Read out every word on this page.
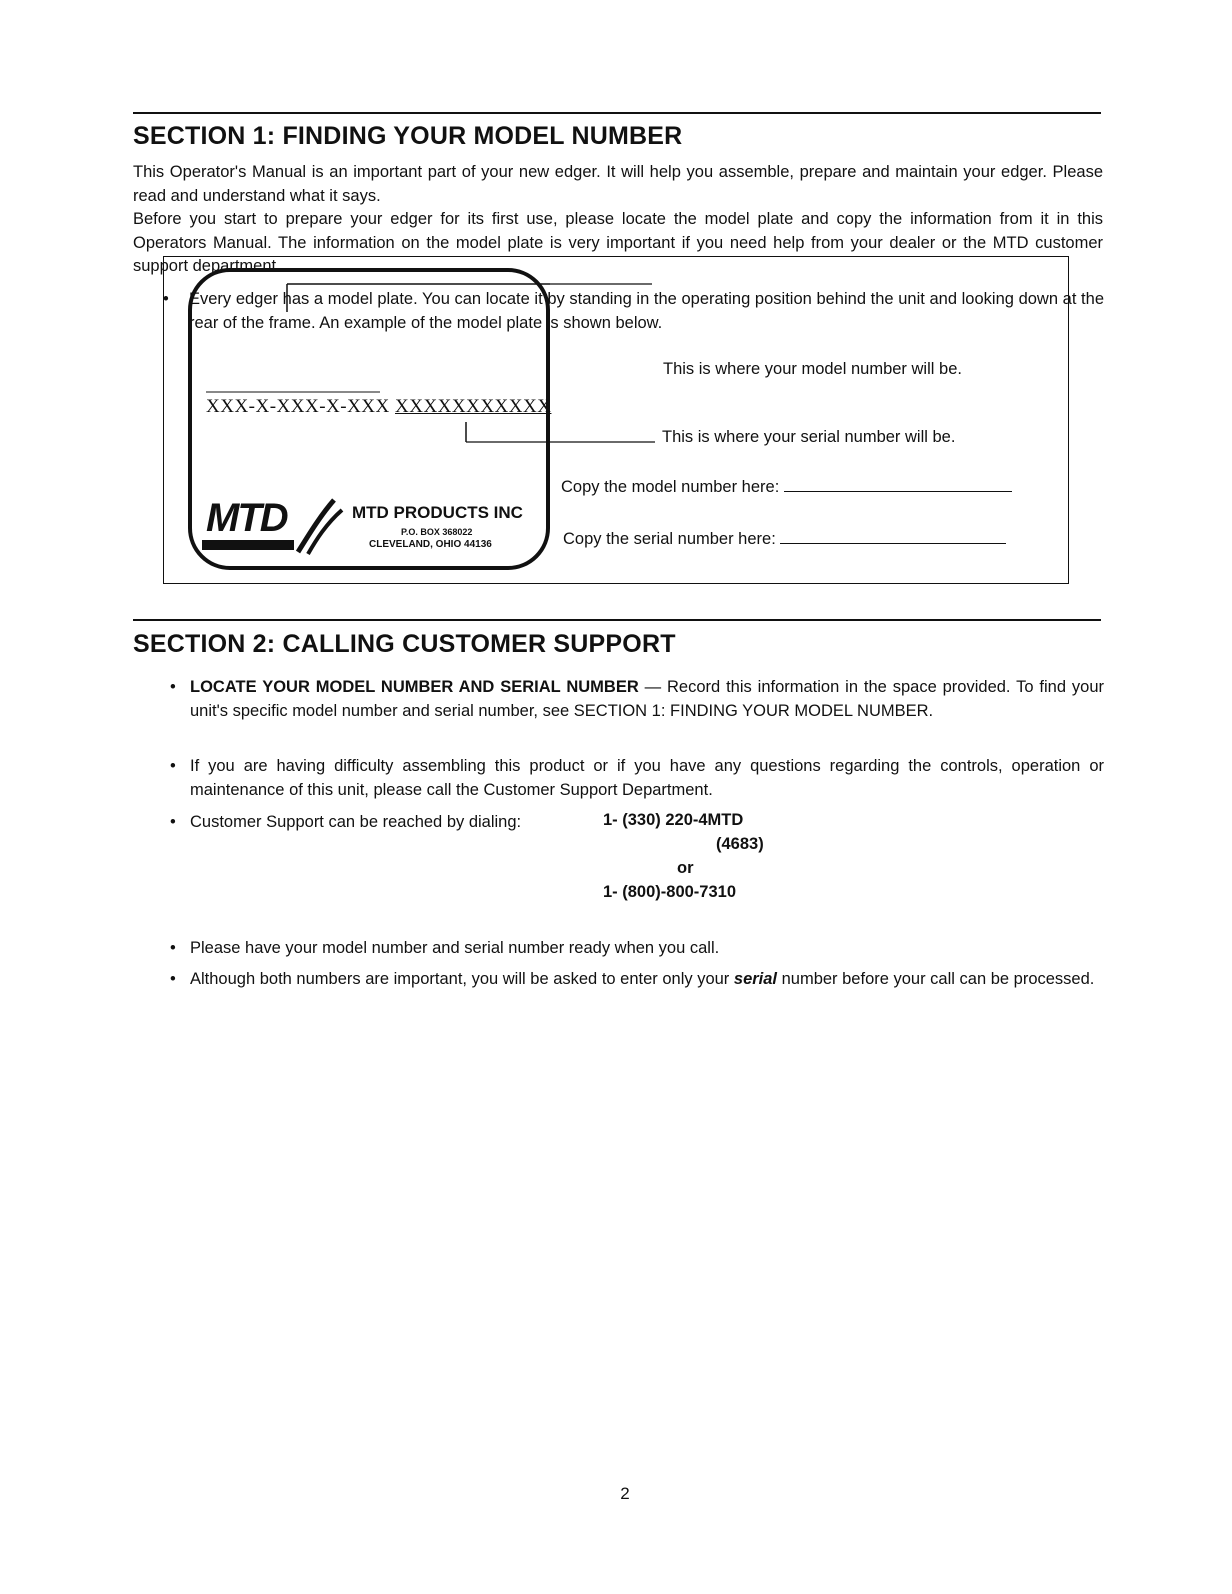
SECTION 1: FINDING YOUR MODEL NUMBER

This Operator's Manual is an important part of your new edger. It will help you assemble, prepare and maintain your edger. Please read and understand what it says.

Before you start to prepare your edger for its first use, please locate the model plate and copy the information from it in this Operators Manual. The information on the model plate is very important if you need help from your dealer or the MTD customer support department.

•	Every edger has a model plate. You can locate it by standing in the operating position behind the unit and looking down at the rear of the frame. An example of the model plate is shown below.
XXX-X-XXX-X-XXX XXXXXXXXXXX
MTD	MTD PRODUCTS INC
P.O. BOX 368022
CLEVELAND, OHIO 44136
This is where your model number will be.
This is where your serial number will be.
Copy the model number here:
Copy the serial number here:
SECTION 2: CALLING CUSTOMER SUPPORT
• LOCATE YOUR MODEL NUMBER AND SERIAL NUMBER — Record this information in the space provided. To find your unit's specific model number and serial number, see SECTION 1: FINDING YOUR MODEL NUMBER.
• If you are having difficulty assembling this product or if you have any questions regarding the controls, operation or maintenance of this unit, please call the Customer Support Department.
• Customer Support can be reached by dialing:	1- (330) 220-4MTD
(4683)
or
1- (800)-800-7310
• Please have your model number and serial number ready when you call.
• Although both numbers are important, you will be asked to enter only your serial number before your call can be processed.
2
